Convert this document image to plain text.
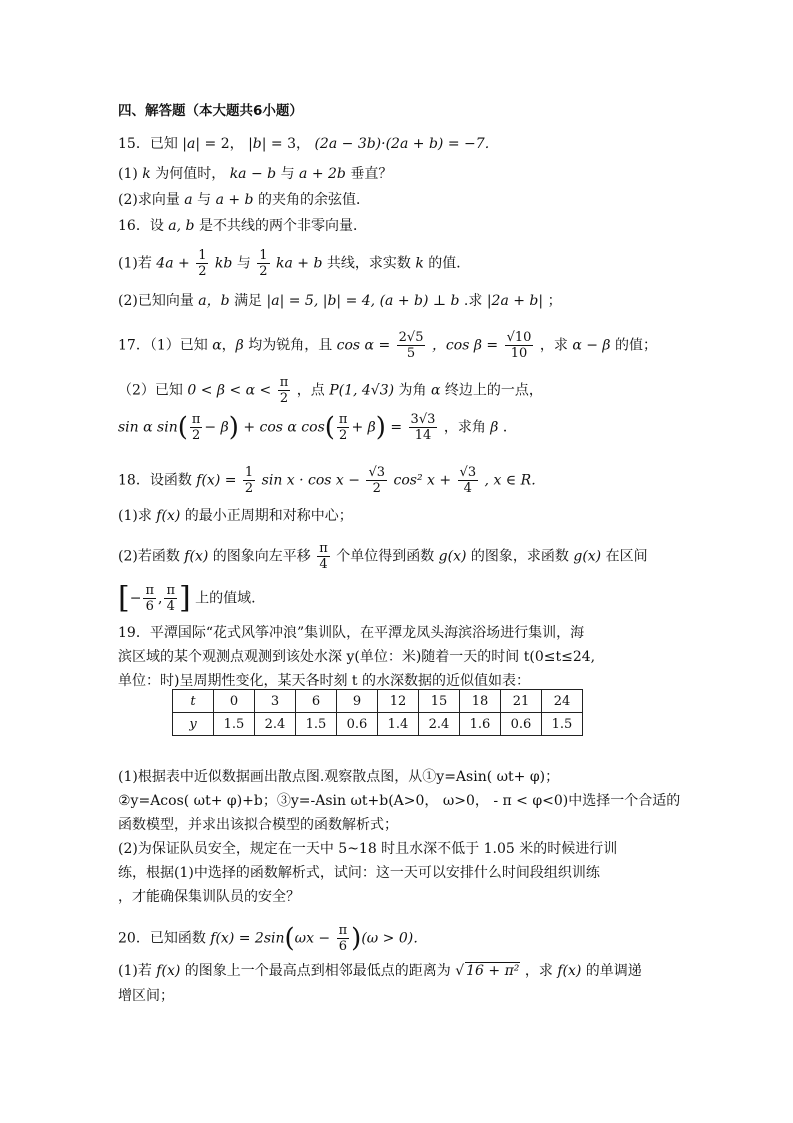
四、解答题（本大题共6小题）
15．已知 |a| = 2， |b| = 3， (2a − 3b)·(2a + b) = −7．
(1) k 为何值时， ka − b 与 a + 2b 垂直？
(2)求向量 a 与 a + b 的夹角的余弦值．
16．设 a, b 是不共线的两个非零向量．
(1)若 $4a + \frac{1}{2}$ kb 与 $\frac{1}{2}$ ka + b 共线，求实数 k 的值．
(2)已知向量 a，b 满足 |a| = 5, |b| = 4, (a + b) ⊥ b .求 |2a + b| ；
17．（1）已知 α，β 均为锐角，且 $\cos \alpha = \frac{2√5}{5}$ ，$\cos \beta = \frac{√10}{10}$ ，求 α − β 的值；
（2）已知 $0 < \beta < \alpha < \frac{\pi}{2}$ ，点 P(1, 4√3) 为角 α 终边上的一点，
sin α $\sin( \frac{\pi}{2} - \beta) + \cos \alpha$ $\cos( \frac{\pi}{2} + \beta) = \frac{3√3}{14}$ ，求角 β ．
18．设函数 $f(x) = \frac{1}{2}$ $\sin x \cdot \cos x - \frac{√3}{2} \cos^2$ $x + \frac{√3}{4}$ , x ∈ R．
(1)求 f(x) 的最小正周期和对称中心；
(2)若函数 f(x) 的图象向左平移 $\frac{\pi}{4}$ 个单位得到函数 g(x) 的图象，求函数 g(x) 在区间
[− $\frac{\pi}{6}$ , $\frac{\pi}{4}$ ] 上的值域.
19．平潭国际“花式风筝冲浪”集训队，在平潭龙凤头海滨浴场进行集训，海
滨区域的某个观测点观测到该处水深 y(单位：米)随着一天的时间 t(0≤t≤24,
单位：时)呈周期性变化，某天各时刻 t 的水深数据的近似值如表：
t	0	3	6	9	12	15	18	21	24
y	1.5	2.4	1.5	0.6	1.4	2.4	1.6	0.6	1.5
(1)根据表中近似数据画出散点图.观察散点图，从①y=Asin( ωt+ φ)；
②y=Acos( ωt+ φ)+b；③y=-Asin ωt+b(A>0， ω>0， - π < φ<0)中选择一个合适的
函数模型，并求出该拟合模型的函数解析式；
(2)为保证队员安全，规定在一天中 5~18 时且水深不低于 1.05 米的时候进行训
练，根据(1)中选择的函数解析式，试问：这一天可以安排什么时间段组织训练
，才能确保集训队员的安全？
20．已知函数 $f(x) = 2\sin(\omega x - \frac{\pi}{6} )(\omega > 0)$．
(1)若 f(x) 的图象上一个最高点到相邻最低点的距离为 √ 16 + π² ，求 f(x) 的单调递
增区间；
